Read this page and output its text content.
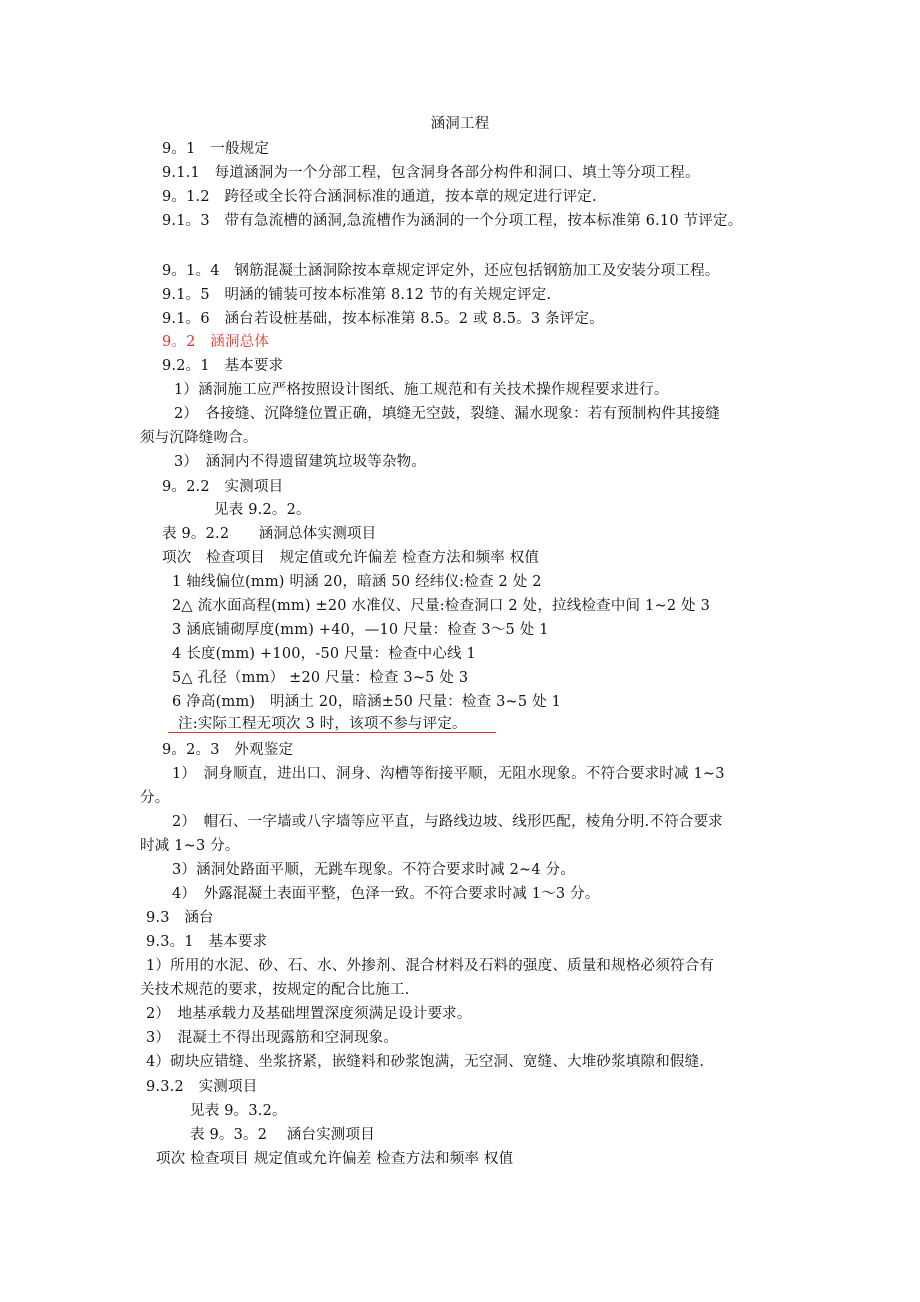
涵洞工程
9。1　一般规定
9.1.1　每道涵洞为一个分部工程，包含洞身各部分构件和洞口、填土等分项工程。
9。1.2　跨径或全长符合涵洞标准的通道，按本章的规定进行评定.
9.1。3　带有急流槽的涵洞,急流槽作为涵洞的一个分项工程，按本标准第 6.10 节评定。
9。1。4　钢筋混凝土涵洞除按本章规定评定外，还应包括钢筋加工及安装分项工程。
9.1。5　明涵的铺装可按本标准第 8.12 节的有关规定评定.
9.1。6　涵台若设桩基础，按本标准第 8.5。2 或 8.5。3 条评定。
9。2　涵洞总体
9.2。1　基本要求
1）涵洞施工应严格按照设计图纸、施工规范和有关技术操作规程要求进行。
2）　各接缝、沉降缝位置正确，填缝无空鼓，裂缝、漏水现象：若有预制构件其接缝
须与沉降缝吻合。
3）　涵洞内不得遗留建筑垃圾等杂物。
9。2.2　实测项目
见表 9.2。2。
表 9。2.2　　涵洞总体实测项目
项次　检查项目　规定值或允许偏差 检查方法和频率 权值
1 轴线偏位(mm) 明涵 20，暗涵 50 经纬仪:检查 2 处 2
2△ 流水面高程(mm) ±20 水准仪、尺量:检查洞口 2 处，拉线检查中间 1~2 处 3
3 涵底铺砌厚度(mm) +40，—10 尺量：检查 3～5 处 1
4 长度(mm) +100，-50 尺量：检查中心线 1
5△ 孔径（mm） ±20 尺量：检查 3~5 处 3
6 净高(mm)　明涵土 20，暗涵±50 尺量：检查 3~5 处 1
注:实际工程无项次 3 时，该项不参与评定。
9。2。3　外观鉴定
1）　洞身顺直，进出口、洞身、沟槽等衔接平顺，无阻水现象。不符合要求时减 1~3
分。
2）　帽石、一字墙或八字墙等应平直，与路线边坡、线形匹配，棱角分明.不符合要求
时减 1~3 分。
3）涵洞处路面平顺，无跳车现象。不符合要求时减 2~4 分。
4）　外露混凝土表面平整，色泽一致。不符合要求时减 1～3 分。
9.3　涵台
9.3。1　基本要求
1）所用的水泥、砂、石、水、外掺剂、混合材料及石料的强度、质量和规格必须符合有
关技术规范的要求，按规定的配合比施工.
2）　地基承载力及基础埋置深度须满足设计要求。
3）　混凝土不得出现露筋和空洞现象。
4）砌块应错缝、坐浆挤紧，嵌缝料和砂浆饱满，无空洞、宽缝、大堆砂浆填隙和假缝.
9.3.2　实测项目
见表 9。3.2。
表 9。3。2　 涵台实测项目
项次 检查项目 规定值或允许偏差 检查方法和频率 权值
